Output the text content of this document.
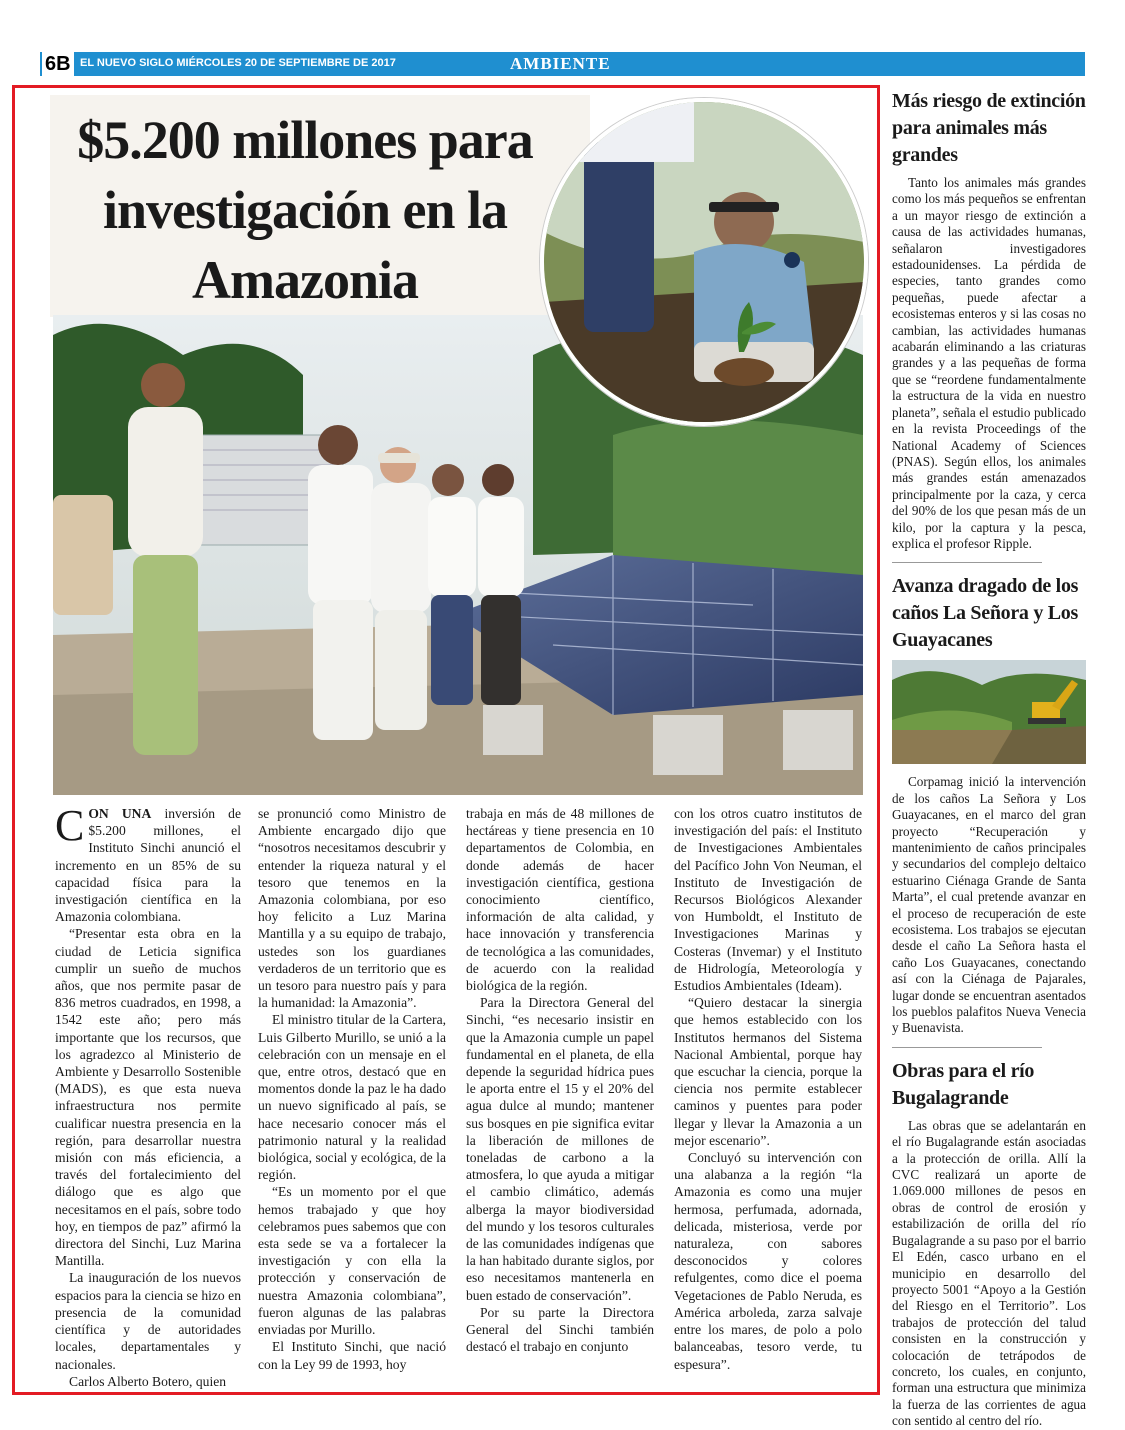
6B EL NUEVO SIGLO MIÉRCOLES 20 DE SEPTIEMBRE DE 2017	AMBIENTE
$5.200 millones para investigación en la Amazonia

CON UNA inversión de $5.200 millones, el Instituto Sinchi anunció el incremento en un 85% de su capacidad física para la investigación científica en la Amazonia colombiana.

“Presentar esta obra en la ciudad de Leticia significa cumplir un sueño de muchos años, que nos permite pasar de 836 metros cuadrados, en 1998, a 1542 este año; pero más importante que los recursos, que los agradezco al Ministerio de Ambiente y Desarrollo Sostenible (MADS), es que esta nueva infraestructura nos permite cualificar nuestra presencia en la región, para desarrollar nuestra misión con más eficiencia, a través del fortalecimiento del diálogo que es algo que necesitamos en el país, sobre todo hoy, en tiempos de paz” afirmó la directora del Sinchi, Luz Marina Mantilla.

La inauguración de los nuevos espacios para la ciencia se hizo en presencia de la comunidad científica y de autoridades locales, departamentales y nacionales.

Carlos Alberto Botero, quien

se pronunció como Ministro de Ambiente encargado dijo que “nosotros necesitamos descubrir y entender la riqueza natural y el tesoro que tenemos en la Amazonia colombiana, por eso hoy felicito a Luz Marina Mantilla y a su equipo de trabajo, ustedes son los guardianes verdaderos de un territorio que es un tesoro para nuestro país y para la humanidad: la Amazonia”.

El ministro titular de la Cartera, Luis Gilberto Murillo, se unió a la celebración con un mensaje en el que, entre otros, destacó que en momentos donde la paz le ha dado un nuevo significado al país, se hace necesario conocer más el patrimonio natural y la realidad biológica, social y ecológica, de la región.

“Es un momento por el que hemos trabajado y que hoy celebramos pues sabemos que con esta sede se va a fortalecer la investigación y con ella la protección y conservación de nuestra Amazonia colombiana”, fueron algunas de las palabras enviadas por Murillo.

El Instituto Sinchi, que nació con la Ley 99 de 1993, hoy

trabaja en más de 48 millones de hectáreas y tiene presencia en 10 departamentos de Colombia, en donde además de hacer investigación científica, gestiona conocimiento científico, información de alta calidad, y hace innovación y transferencia de tecnológica a las comunidades, de acuerdo con la realidad biológica de la región.

Para la Directora General del Sinchi, “es necesario insistir en que la Amazonia cumple un papel fundamental en el planeta, de ella depende la seguridad hídrica pues le aporta entre el 15 y el 20% del agua dulce al mundo; mantener sus bosques en pie significa evitar la liberación de millones de toneladas de carbono a la atmosfera, lo que ayuda a mitigar el cambio climático, además alberga la mayor biodiversidad del mundo y los tesoros culturales de las comunidades indígenas que la han habitado durante siglos, por eso necesitamos mantenerla en buen estado de conservación”.

Por su parte la Directora General del Sinchi también destacó el trabajo en conjunto

con los otros cuatro institutos de investigación del país: el Instituto de Investigaciones Ambientales del Pacífico John Von Neuman, el Instituto de Investigación de Recursos Biológicos Alexander von Humboldt, el Instituto de Investigaciones Marinas y Costeras (Invemar) y el Instituto de Hidrología, Meteorología y Estudios Ambientales (Ideam).

“Quiero destacar la sinergia que hemos establecido con los Institutos hermanos del Sistema Nacional Ambiental, porque hay que escuchar la ciencia, porque la ciencia nos permite establecer caminos y puentes para poder llegar y llevar la Amazonia a un mejor escenario”.

Concluyó su intervención con una alabanza a la región “la Amazonia es como una mujer hermosa, perfumada, adornada, delicada, misteriosa, verde por naturaleza, con sabores desconocidos y colores refulgentes, como dice el poema Vegetaciones de Pablo Neruda, es América arboleda, zarza salvaje entre los mares, de polo a polo balanceabas, tesoro verde, tu espesura”.

Más riesgo de extinción para animales más grandes

Tanto los animales más grandes como los más pequeños se enfrentan a un mayor riesgo de extinción a causa de las actividades humanas, señalaron investigadores estadounidenses. La pérdida de especies, tanto grandes como pequeñas, puede afectar a ecosistemas enteros y si las cosas no cambian, las actividades humanas acabarán eliminando a las criaturas grandes y a las pequeñas de forma que se “reordene fundamentalmente la estructura de la vida en nuestro planeta”, señala el estudio publicado en la revista Proceedings of the National Academy of Sciences (PNAS). Según ellos, los animales más grandes están amenazados principalmente por la caza, y cerca del 90% de los que pesan más de un kilo, por la captura y la pesca, explica el profesor Ripple.

Avanza dragado de los caños La Señora y Los Guayacanes

Corpamag inició la intervención de los caños La Señora y Los Guayacanes, en el marco del gran proyecto “Recuperación y mantenimiento de caños principales y secundarios del complejo deltaico estuarino Ciénaga Grande de Santa Marta”, el cual pretende avanzar en el proceso de recuperación de este ecosistema. Los trabajos se ejecutan desde el caño La Señora hasta el caño Los Guayacanes, conectando así con la Ciénaga de Pajarales, lugar donde se encuentran asentados los pueblos palafitos Nueva Venecia y Buenavista.

Obras para el río Bugalagrande

Las obras que se adelantarán en el río Bugalagrande están asociadas a la protección de orilla. Allí la CVC realizará un aporte de 1.069.000 millones de pesos en obras de control de erosión y estabilización de orilla del río Bugalagrande a su paso por el barrio El Edén, casco urbano en el municipio en desarrollo del proyecto 5001 “Apoyo a la Gestión del Riesgo en el Territorio”. Los trabajos de protección del talud consisten en la construcción y colocación de tetrápodos de concreto, los cuales, en conjunto, forman una estructura que minimiza la fuerza de las corrientes de agua con sentido al centro del río.
